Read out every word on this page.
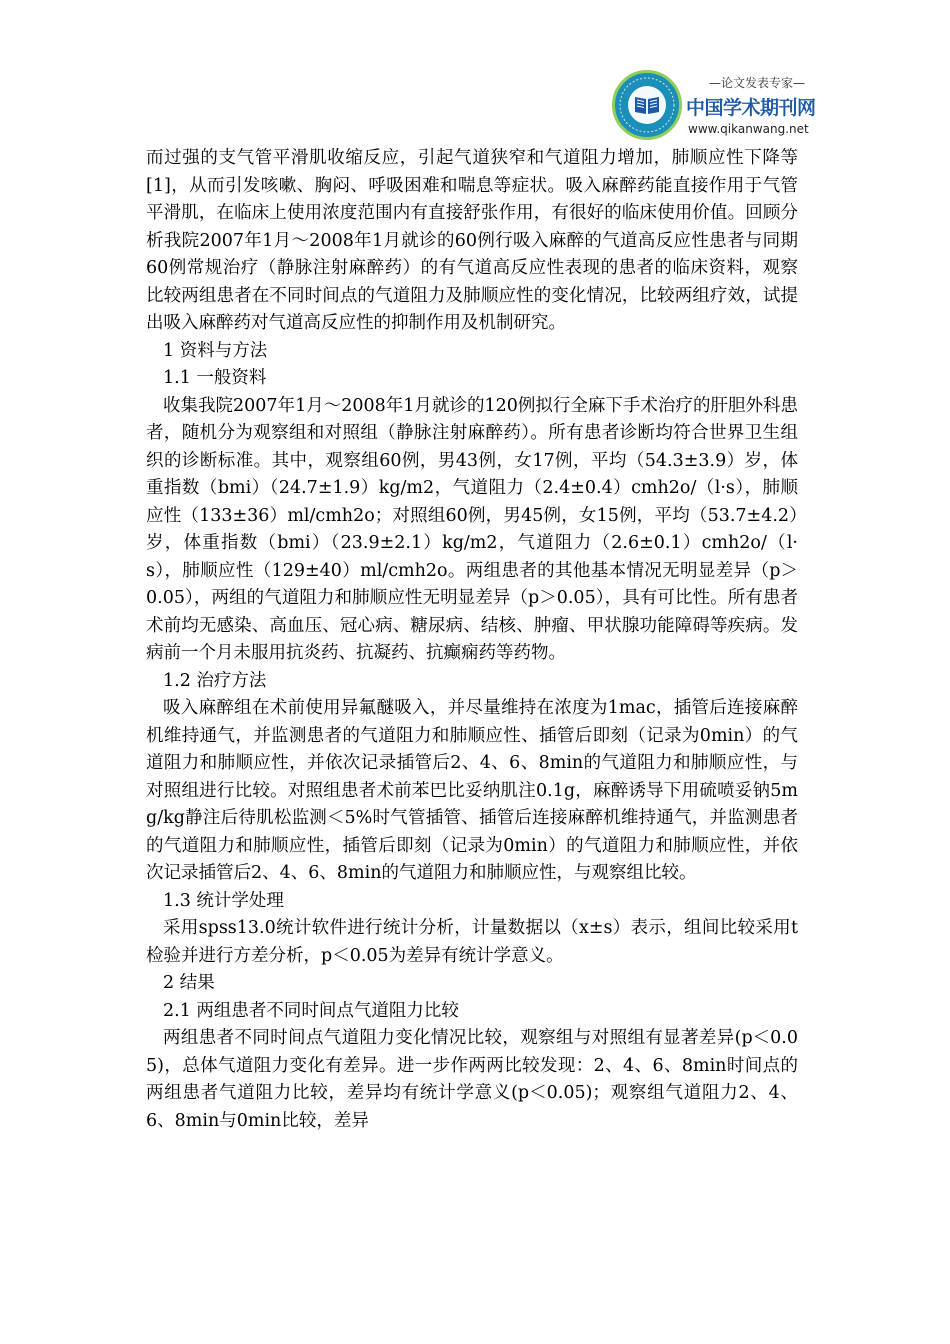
—论文发表专家—
中国学术期刊网
www.qikanwang.net

而过强的支气管平滑肌收缩反应，引起气道狭窄和气道阻力增加，肺顺应性下降等[1]，从而引发咳嗽、胸闷、呼吸困难和喘息等症状。吸入麻醉药能直接作用于气管平滑肌，在临床上使用浓度范围内有直接舒张作用，有很好的临床使用价值。回顾分析我院2007年1月～2008年1月就诊的60例行吸入麻醉的气道高反应性患者与同期60例常规治疗（静脉注射麻醉药）的有气道高反应性表现的患者的临床资料，观察比较两组患者在不同时间点的气道阻力及肺顺应性的变化情况，比较两组疗效，试提出吸入麻醉药对气道高反应性的抑制作用及机制研究。

1 资料与方法

1.1 一般资料

收集我院2007年1月～2008年1月就诊的120例拟行全麻下手术治疗的肝胆外科患者，随机分为观察组和对照组（静脉注射麻醉药）。所有患者诊断均符合世界卫生组织的诊断标准。其中，观察组60例，男43例，女17例，平均（54.3±3.9）岁，体重指数（bmi）（24.7±1.9）kg/m2，气道阻力（2.4±0.4）cmh2o/（l·s），肺顺应性（133±36）ml/cmh2o；对照组60例，男45例，女15例，平均（53.7±4.2）岁，体重指数（bmi）（23.9±2.1）kg/m2，气道阻力（2.6±0.1）cmh2o/（l·s），肺顺应性（129±40）ml/cmh2o。两组患者的其他基本情况无明显差异（p＞0.05），两组的气道阻力和肺顺应性无明显差异（p＞0.05），具有可比性。所有患者术前均无感染、高血压、冠心病、糖尿病、结核、肿瘤、甲状腺功能障碍等疾病。发病前一个月未服用抗炎药、抗凝药、抗癫痫药等药物。

1.2 治疗方法

吸入麻醉组在术前使用异氟醚吸入，并尽量维持在浓度为1mac，插管后连接麻醉机维持通气，并监测患者的气道阻力和肺顺应性、插管后即刻（记录为0min）的气道阻力和肺顺应性，并依次记录插管后2、4、6、8min的气道阻力和肺顺应性，与对照组进行比较。对照组患者术前苯巴比妥纳肌注0.1g，麻醉诱导下用硫喷妥钠5mg/kg静注后待肌松监测＜5%时气管插管、插管后连接麻醉机维持通气，并监测患者的气道阻力和肺顺应性，插管后即刻（记录为0min）的气道阻力和肺顺应性，并依次记录插管后2、4、6、8min的气道阻力和肺顺应性，与观察组比较。

1.3 统计学处理

采用spss13.0统计软件进行统计分析，计量数据以（x±s）表示，组间比较采用t检验并进行方差分析，p＜0.05为差异有统计学意义。

2 结果

2.1 两组患者不同时间点气道阻力比较

两组患者不同时间点气道阻力变化情况比较，观察组与对照组有显著差异(p＜0.05)，总体气道阻力变化有差异。进一步作两两比较发现：2、4、6、8min时间点的两组患者气道阻力比较，差异均有统计学意义(p＜0.05)；观察组气道阻力2、4、6、8min与0min比较，差异
